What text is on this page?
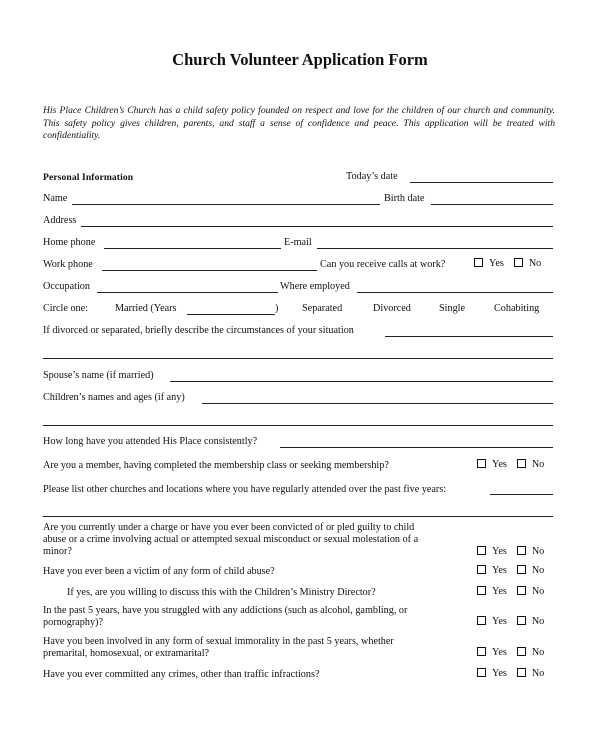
Church Volunteer Application Form
His Place Children’s Church has a child safety policy founded on respect and love for the children of our church and community. This safety policy gives children, parents, and staff a sense of confidence and peace. This application will be treated with confidentiality.
Personal Information	Today’s date
Name	Birth date
Address
Home phone	E-mail
Work phone	Can you receive calls at work?	Yes No
Occupation	Where employed
Circle one:	Married (Years	) Separated	Divorced	Single	Cohabiting
If divorced or separated, briefly describe the circumstances of your situation
Spouse’s name (if married)
Children’s names and ages (if any)
How long have you attended His Place consistently?
Are you a member, having completed the membership class or seeking membership?	Yes No
Please list other churches and locations where you have regularly attended over the past five years:
Are you currently under a charge or have you ever been convicted of or pled guilty to child abuse or a crime involving actual or attempted sexual misconduct or sexual molestation of a minor?	Yes No
Have you ever been a victim of any form of child abuse?	Yes No
If yes, are you willing to discuss this with the Children’s Ministry Director?	Yes No
In the past 5 years, have you struggled with any addictions (such as alcohol, gambling, or pornography)?	Yes No
Have you been involved in any form of sexual immorality in the past 5 years, whether premarital, homosexual, or extramarital?	Yes No
Have you ever committed any crimes, other than traffic infractions?	Yes No
